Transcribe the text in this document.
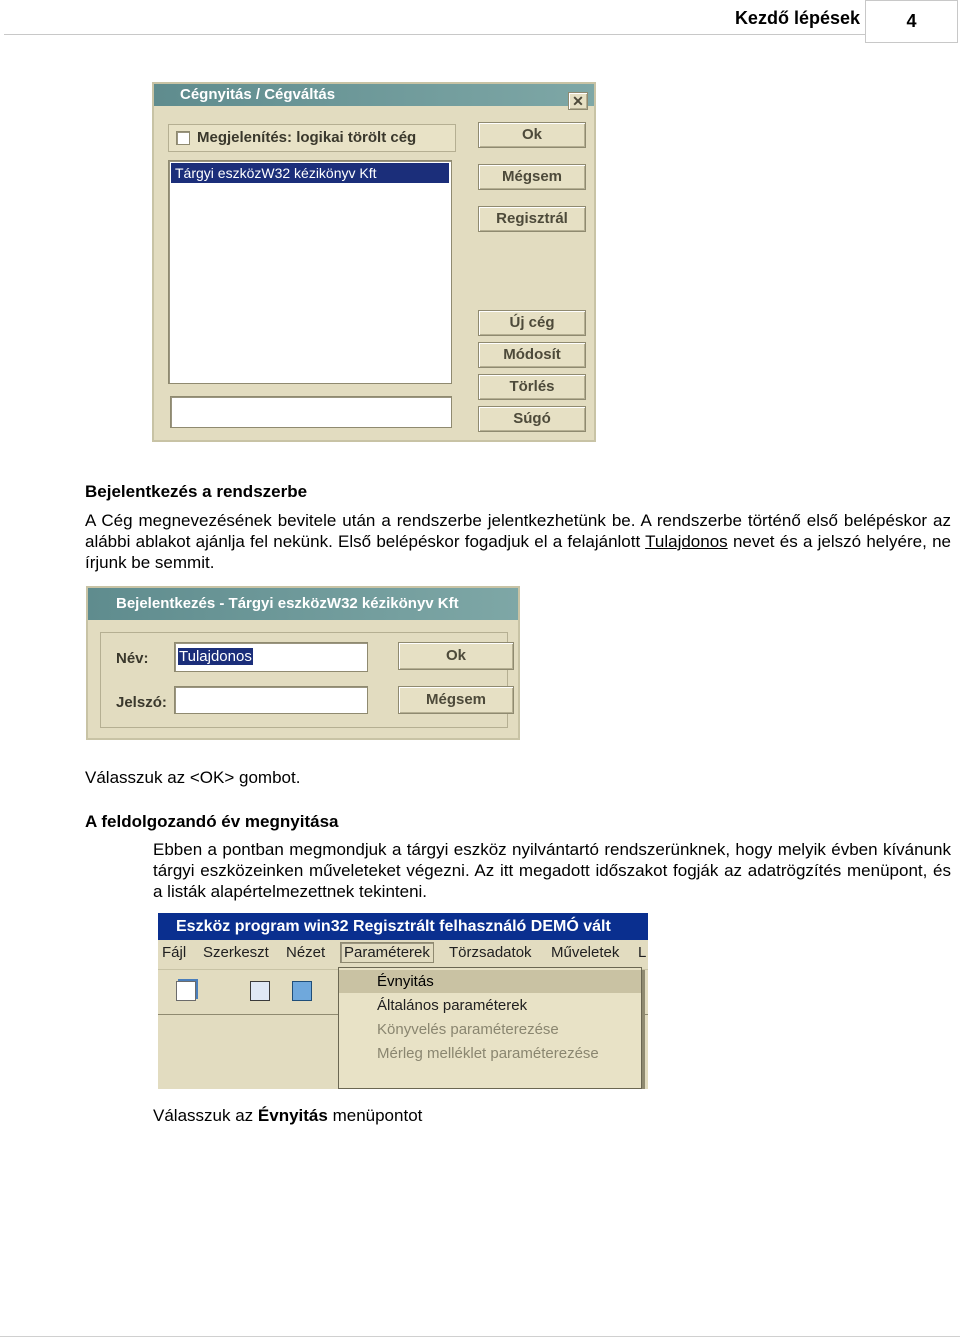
Kezdő lépések	4
Cégnyitás / Cégváltás	✕
Megjelenítés: logikai törölt cég
Tárgyi eszközW32 kézikönyv Kft
Ok
Mégsem
Regisztrál
Új cég
Módosít
Törlés
Súgó
Bejelentkezés a rendszerbe
A Cég megnevezésének bevitele után a rendszerbe jelentkezhetünk be. A rendszerbe történő első belépéskor az alábbi ablakot ajánlja fel nekünk. Első belépéskor fogadjuk el a felajánlott Tulajdonos nevet és a jelszó helyére, ne írjunk be semmit.
Bejelentkezés - Tárgyi eszközW32 kézikönyv Kft
Név: Tulajdonos
Jelszó:
Ok
Mégsem
Válasszuk az <OK> gombot.
A feldolgozandó év megnyitása
Ebben a pontban megmondjuk a tárgyi eszköz nyilvántartó rendszerünknek, hogy melyik évben kívánunk tárgyi eszközeinken műveleteket végezni. Az itt megadott időszakot fogják az adatrögzítés menüpont, és a listák alapértelmezettnek tekinteni.
Eszköz program win32 Regisztrált felhasználó DEMÓ vált
Fájl Szerkeszt Nézet Paraméterek Törzsadatok Műveletek L
Évnyitás
Általános paraméterek
Könyvelés paraméterezése
Mérleg melléklet paraméterezése
Válasszuk az Évnyitás menüpontot
